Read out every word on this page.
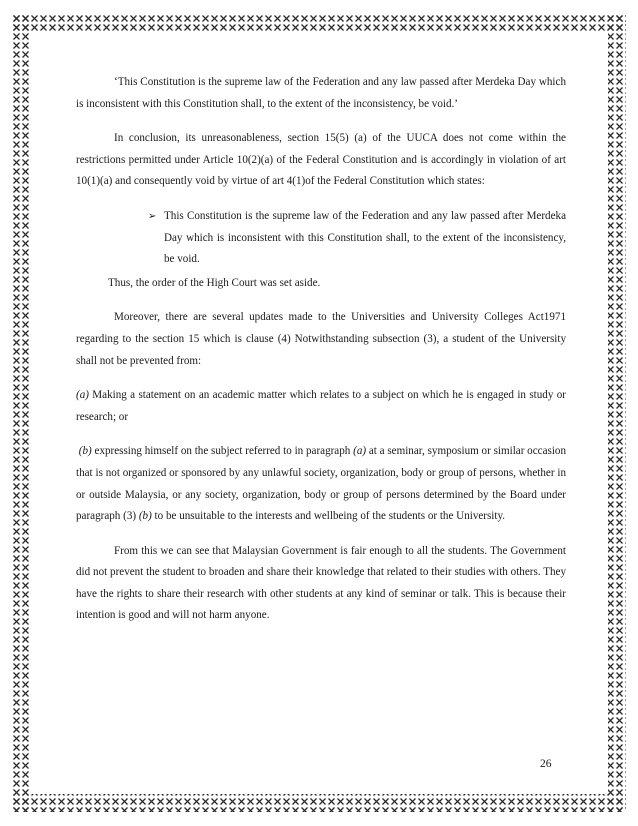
‘This Constitution is the supreme law of the Federation and any law passed after Merdeka Day which is inconsistent with this Constitution shall, to the extent of the inconsistency, be void.’

In conclusion, its unreasonableness, section 15(5) (a) of the UUCA does not come within the restrictions permitted under Article 10(2)(a) of the Federal Constitution and is accordingly in violation of art 10(1)(a) and consequently void by virtue of art 4(1)of the Federal Constitution which states:

➢ This Constitution is the supreme law of the Federation and any law passed after Merdeka Day which is inconsistent with this Constitution shall, to the extent of the inconsistency, be void.

Thus, the order of the High Court was set aside.

Moreover, there are several updates made to the Universities and University Colleges Act1971 regarding to the section 15 which is clause (4) Notwithstanding subsection (3), a student of the University shall not be prevented from:

(a) Making a statement on an academic matter which relates to a subject on which he is engaged in study or research; or

(b) expressing himself on the subject referred to in paragraph (a) at a seminar, symposium or similar occasion that is not organized or sponsored by any unlawful society, organization, body or group of persons, whether in or outside Malaysia, or any society, organization, body or group of persons determined by the Board under paragraph (3) (b) to be unsuitable to the interests and wellbeing of the students or the University.

From this we can see that Malaysian Government is fair enough to all the students. The Government did not prevent the student to broaden and share their knowledge that related to their studies with others. They have the rights to share their research with other students at any kind of seminar or talk. This is because their intention is good and will not harm anyone.

26
